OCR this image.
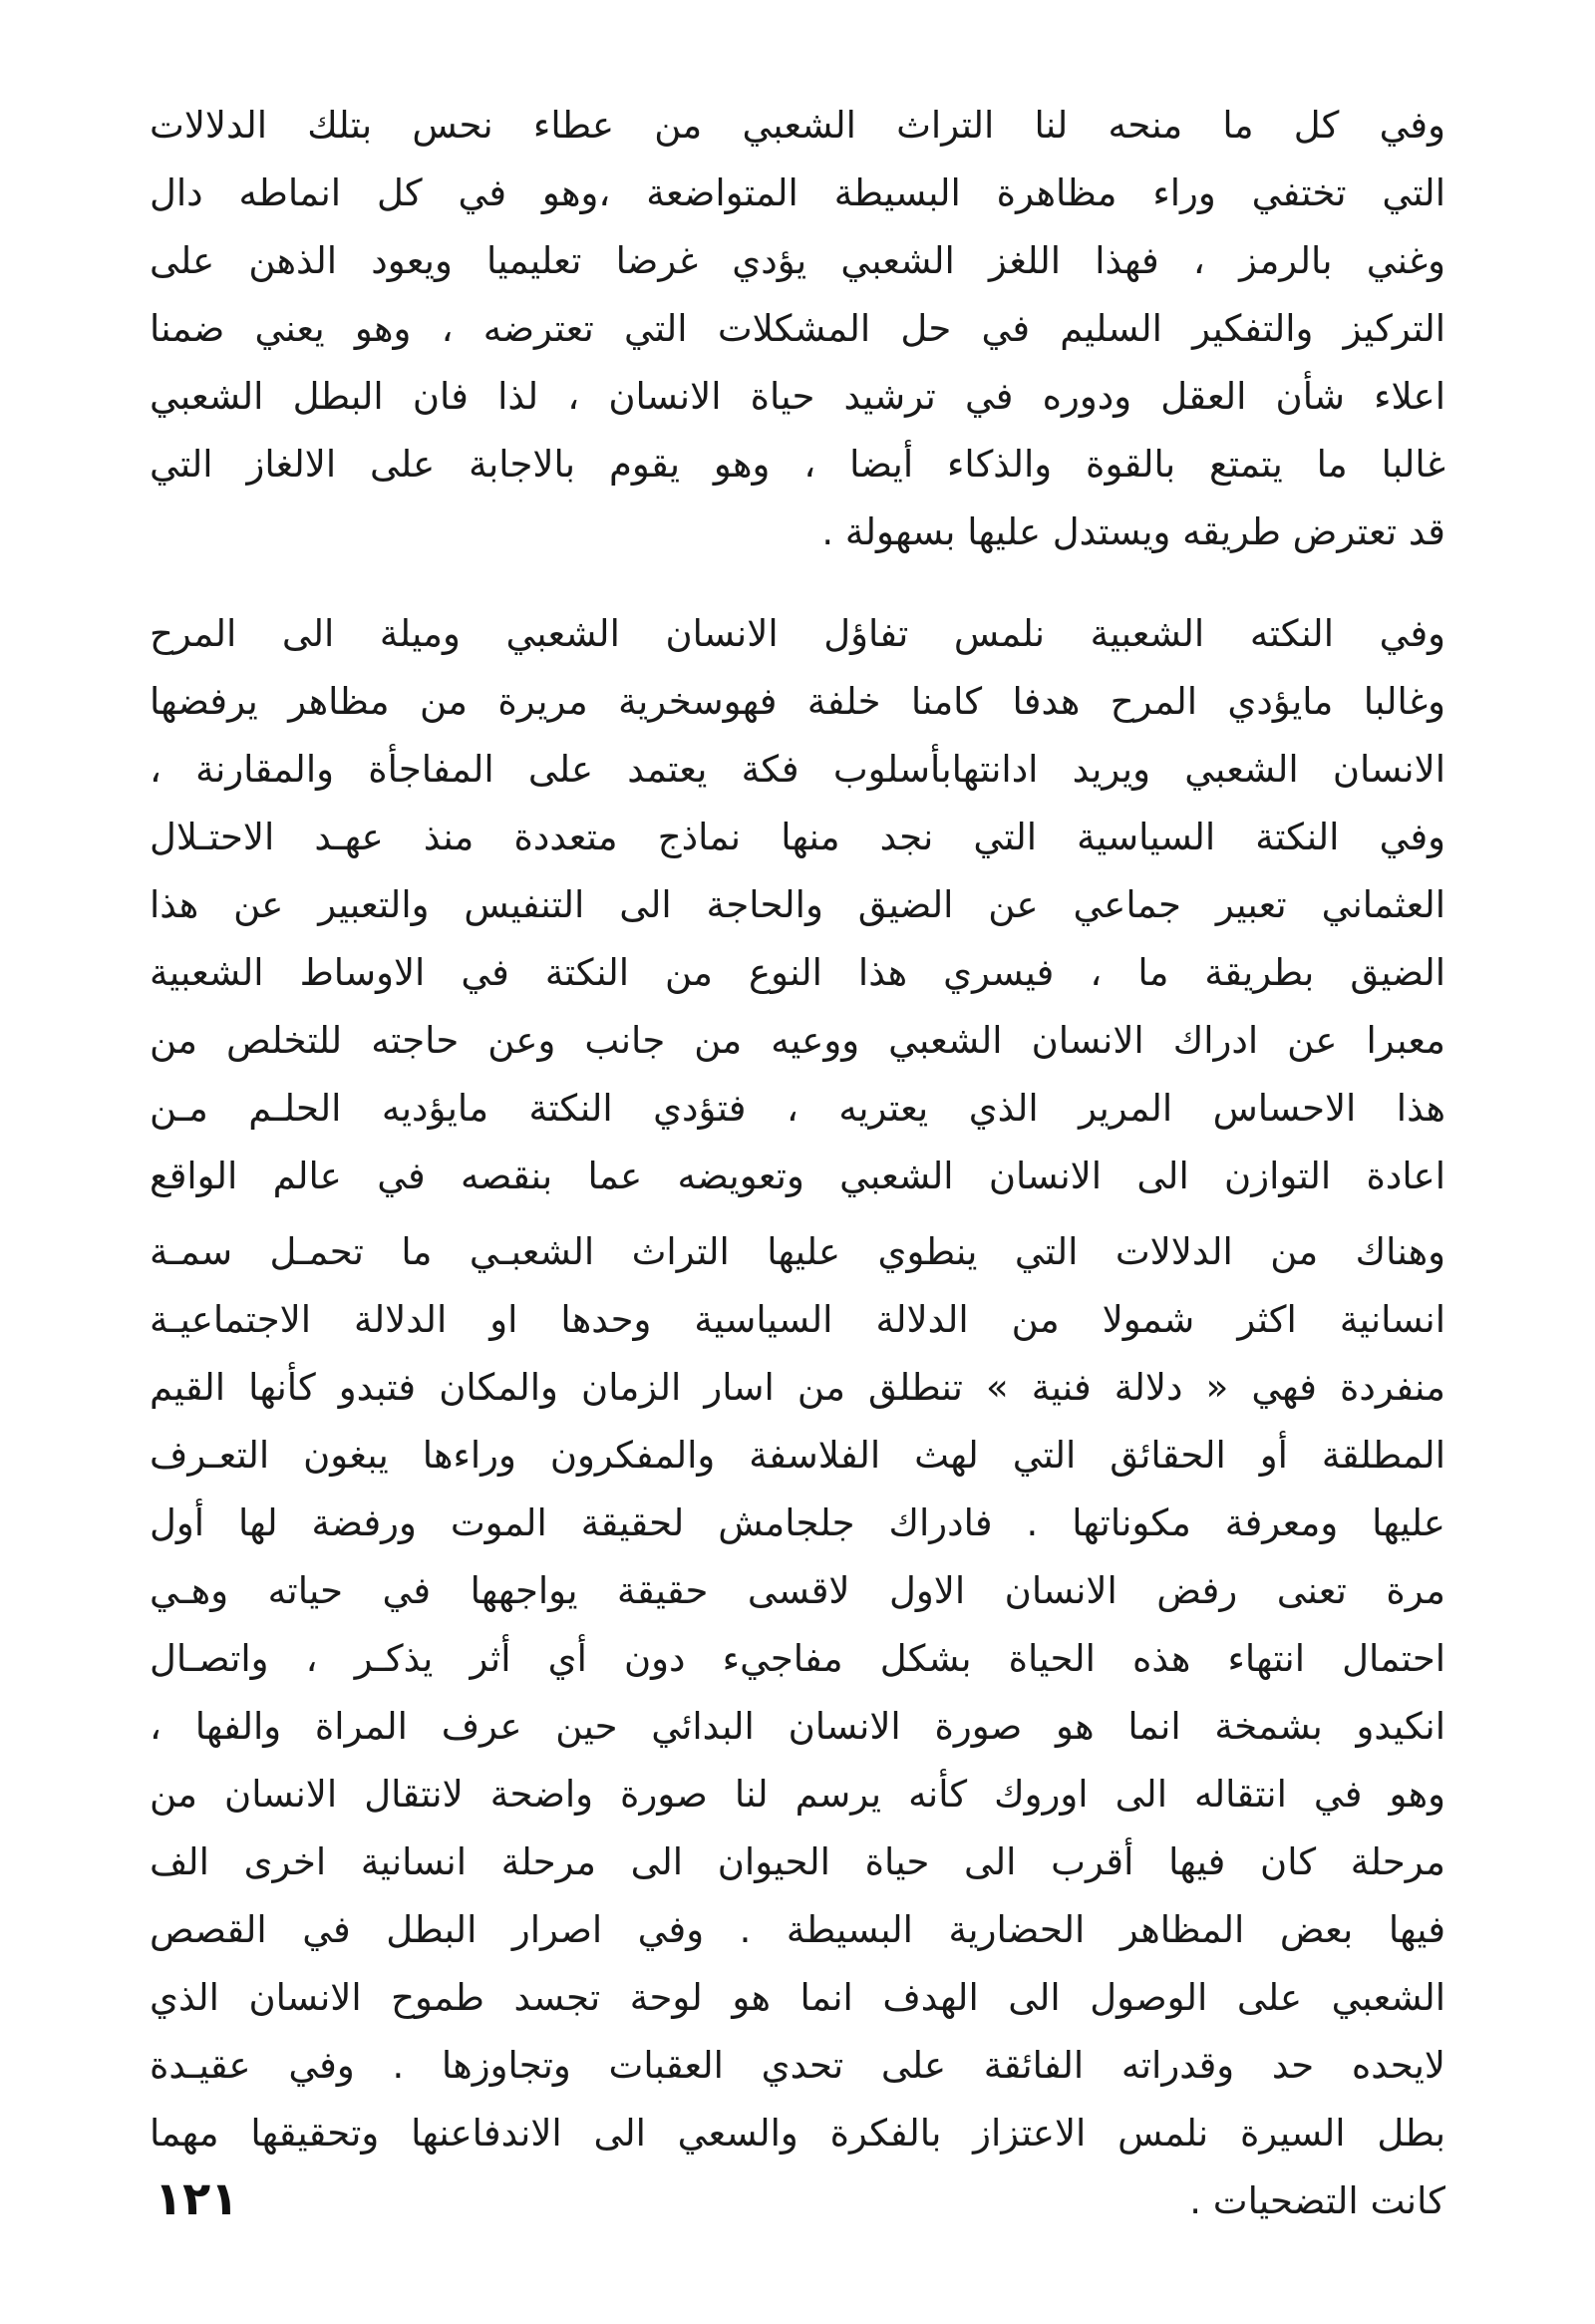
وفي كل ما منحه لنا التراث الشعبي من عطاء نحس بتلك الدلالات
التي تختفي وراء مظاهرة البسيطة المتواضعة ،وهو في كل انماطه دال
وغني بالرمز ، فهذا اللغز الشعبي يؤدي غرضا تعليميا ويعود الذهن على
التركيز والتفكير السليم في حل المشكلات التي تعترضه ، وهو يعني ضمنا
اعلاء شأن العقل ودوره في ترشيد حياة الانسان ، لذا فان البطل الشعبي
غالبا ما يتمتع بالقوة والذكاء أيضا ، وهو يقوم بالاجابة على الالغاز التي
قد تعترض طريقه ويستدل عليها بسهولة .
وفي النكته الشعبية نلمس تفاؤل الانسان الشعبي وميلة الى المرح
وغالبا مايؤدي المرح هدفا كامنا خلفة فهوسخرية مريرة من مظاهر يرفضها
الانسان الشعبي ويريد ادانتهابأسلوب فكة يعتمد على المفاجأة والمقارنة ،
وفي النكتة السياسية التي نجد منها نماذج متعددة منذ عهـد الاحتـلال
العثماني تعبير جماعي عن الضيق والحاجة الى التنفيس والتعبير عن هذا
الضيق بطريقة ما ، فيسري هذا النوع من النكتة في الاوساط الشعبية
معبرا عن ادراك الانسان الشعبي ووعيه من جانب وعن حاجته للتخلص من
هذا الاحساس المرير الذي يعتريه ، فتؤدي النكتة مايؤديه الحلـم مـن
اعادة التوازن الى الانسان الشعبي وتعويضه عما بنقصه في عالم الواقع
وهناك من الدلالات التي ينطوي عليها التراث الشعبـي ما تحمـل سمـة
انسانية اكثر شمولا من الدلالة السياسية وحدها او الدلالة الاجتماعيـة
منفردة فهي « دلالة فنية » تنطلق من اسار الزمان والمكان فتبدو كأنها القيم
المطلقة أو الحقائق التي لهث الفلاسفة والمفكرون وراءها يبغون التعـرف
عليها ومعرفة مكوناتها . فادراك جلجامش لحقيقة الموت ورفضة لها أول
مرة تعنى رفض الانسان الاول لاقسى حقيقة يواجهها في حياته وهـي
احتمال انتهاء هذه الحياة بشكل مفاجيء دون أي أثر يذكـر ، واتصـال
انكيدو بشمخة انما هو صورة الانسان البدائي حين عرف المراة والفها ،
وهو في انتقاله الى اوروك كأنه يرسم لنا صورة واضحة لانتقال الانسان من
مرحلة كان فيها أقرب الى حياة الحيوان الى مرحلة انسانية اخرى الف
فيها بعض المظاهر الحضارية البسيطة . وفي اصرار البطل في القصص
الشعبي على الوصول الى الهدف انما هو لوحة تجسد طموح الانسان الذي
لايحده حد وقدراته الفائقة على تحدي العقبات وتجاوزها . وفي عقيـدة
بطل السيرة نلمس الاعتزاز بالفكرة والسعي الى الاندفاعنها وتحقيقها مهما
كانت التضحيات .
١٢١
